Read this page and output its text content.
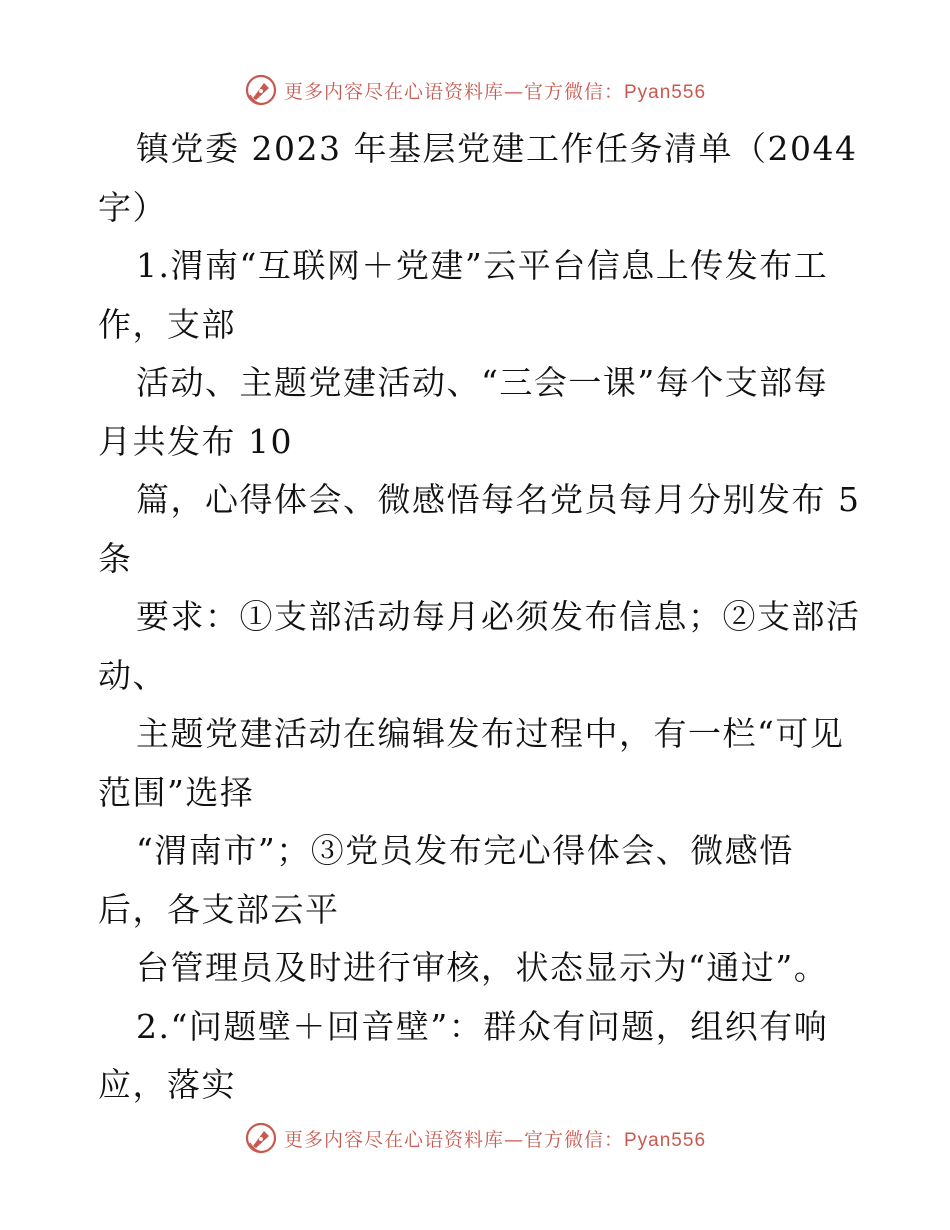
更多内容尽在心语资料库—官方微信：Pyan556
镇党委 2023 年基层党建工作任务清单（2044
字）
1.渭南“互联网＋党建”云平台信息上传发布工
作，支部
活动、主题党建活动、“三会一课”每个支部每
月共发布 10
篇，心得体会、微感悟每名党员每月分别发布 5
条
要求：①支部活动每月必须发布信息；②支部活
动、
主题党建活动在编辑发布过程中，有一栏“可见
范围”选择
“渭南市”；③党员发布完心得体会、微感悟
后，各支部云平
台管理员及时进行审核，状态显示为“通过”。
2.“问题壁＋回音壁”：群众有问题，组织有响
应，落实
更多内容尽在心语资料库—官方微信：Pyan556
